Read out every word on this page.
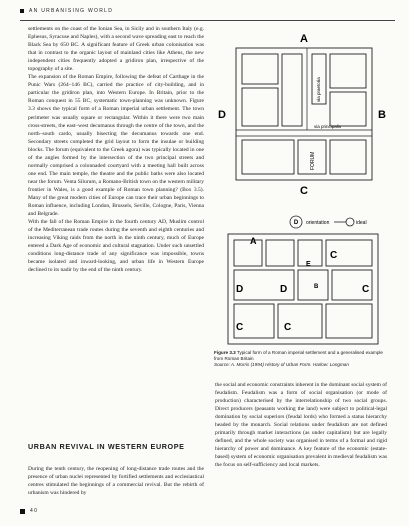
AN URBANISING WORLD

settlements on the coast of the Ionian Sea, in Sicily and in southern Italy (e.g. Ephesus, Syracuse and Naples), with a second wave spreading east to reach the Black Sea by 650 BC. A significant feature of Greek urban colonisation was that in contrast to the organic layout of mainland cities like Athens, the new independent cities frequently adopted a gridiron plan, irrespective of the topography of a site.

The expansion of the Roman Empire, following the defeat of Carthage in the Punic Wars (264–146 BC), carried the practice of city-building, and in particular the gridiron plan, into Western Europe. In Britain, prior to the Roman conquest in 55 BC, systematic town-planning was unknown. Figure 3.3 shows the typical form of a Roman imperial urban settlement. The town perimeter was usually square or rectangular. Within it there were two main cross-streets, the east–west decumanus through the centre of the town, and the north–south cardo, usually bisecting the decumanus towards one end. Secondary streets completed the grid layout to form the insulae or building blocks. The forum (equivalent to the Greek agora) was typically located in one of the angles formed by the intersection of the two principal streets and normally comprised a colonnaded courtyard with a meeting hall built across one end. The main temple, the theatre and the public baths were also located near the forum. Venta Silurum, a Romano-British town on the western military frontier in Wales, is a good example of Roman town planning? (Box 3.5). Many of the great modern cities of Europe can trace their urban beginnings to Roman influence, including London, Brussels, Seville, Cologne, Paris, Vienna and Belgrade.

With the fall of the Roman Empire in the fourth century AD, Muslim control of the Mediterranean trade routes during the seventh and eighth centuries and increasing Viking raids from the north in the ninth century, much of Europe entered a Dark Age of economic and cultural stagnation. Under such unsettled conditions long-distance trade of any significance was impossible, towns became isolated and inward-looking, and urban life in Western Europe declined to its nadir by the end of the ninth century.

URBAN REVIVAL IN WESTERN EUROPE
During the tenth century, the reopening of long-distance trade routes and the presence of urban nuclei represented by fortified settlements and ecclesiastical centres stimulated the beginnings of a commercial revival. But the rebirth of urbanism was hindered by
A
D	B
C
via principalis
via praetoria
FORUM
D orientation	ideal
A
C
E
B	C
D	D
C	C
Figure 3.3 Typical form of a Roman imperial settlement and a generalised example from Roman Britain
Source: A. Morris (1994) History of Urban Form. Harlow: Longman

the social and economic constraints inherent in the dominant social system of feudalism. Feudalism was a form of social organisation (or mode of production) characterised by the interrelationship of two social groups. Direct producers (peasants working the land) were subject to political-legal domination by social superiors (feudal lords) who formed a status hierarchy headed by the monarch. Social relations under feudalism are not defined primarily through market interactions (as under capitalism) but are legally defined, and the whole society was organised in terms of a formal and rigid hierarchy of power and dominance. A key feature of the economic (estate-based) system of economic organisation prevalent in medieval feudalism was the focus on self-sufficiency and local markets.

4 0
